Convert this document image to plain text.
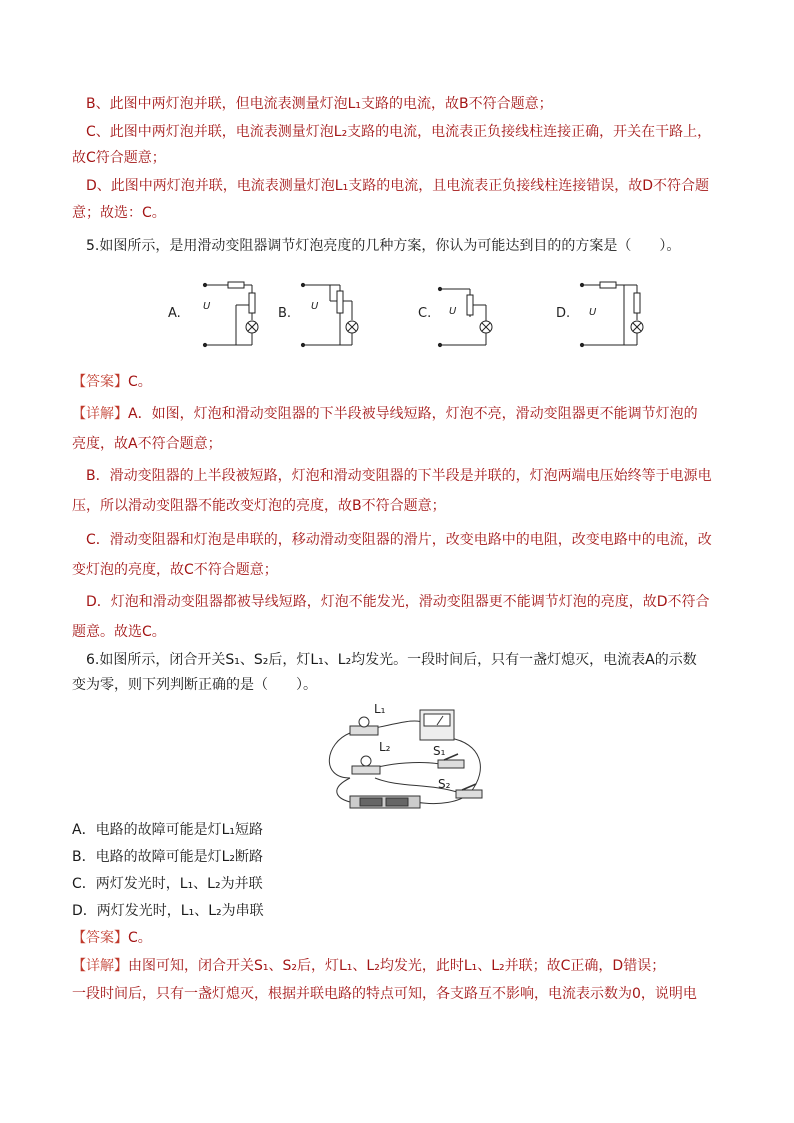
B、此图中两灯泡并联，但电流表测量灯泡L₁支路的电流，故B不符合题意；
C、此图中两灯泡并联，电流表测量灯泡L₂支路的电流，电流表正负接线柱连接正确，开关在干路上，
故C符合题意；
D、此图中两灯泡并联，电流表测量灯泡L₁支路的电流，且电流表正负接线柱连接错误，故D不符合题
意；故选：C。
5.如图所示，是用滑动变阻器调节灯泡亮度的几种方案，你认为可能达到目的的方案是（　　）。
A.	B.	C.	D.
U	U	U	U
【答案】C。
【详解】A．如图，灯泡和滑动变阻器的下半段被导线短路，灯泡不亮，滑动变阻器更不能调节灯泡的
亮度，故A不符合题意；
B．滑动变阻器的上半段被短路，灯泡和滑动变阻器的下半段是并联的，灯泡两端电压始终等于电源电
压，所以滑动变阻器不能改变灯泡的亮度，故B不符合题意；
C．滑动变阻器和灯泡是串联的，移动滑动变阻器的滑片，改变电路中的电阻，改变电路中的电流，改
变灯泡的亮度，故C不符合题意；
D．灯泡和滑动变阻器都被导线短路，灯泡不能发光，滑动变阻器更不能调节灯泡的亮度，故D不符合
题意。故选C。
6.如图所示，闭合开关S₁、S₂后，灯L₁、L₂均发光。一段时间后，只有一盏灯熄灭，电流表A的示数
变为零，则下列判断正确的是（　　）。
L₁
L₂	S₁
S₂
A．电路的故障可能是灯L₁短路
B．电路的故障可能是灯L₂断路
C．两灯发光时，L₁、L₂为并联
D．两灯发光时，L₁、L₂为串联
【答案】C。
【详解】由图可知，闭合开关S₁、S₂后，灯L₁、L₂均发光，此时L₁、L₂并联；故C正确，D错误；
一段时间后，只有一盏灯熄灭，根据并联电路的特点可知，各支路互不影响，电流表示数为0，说明电
